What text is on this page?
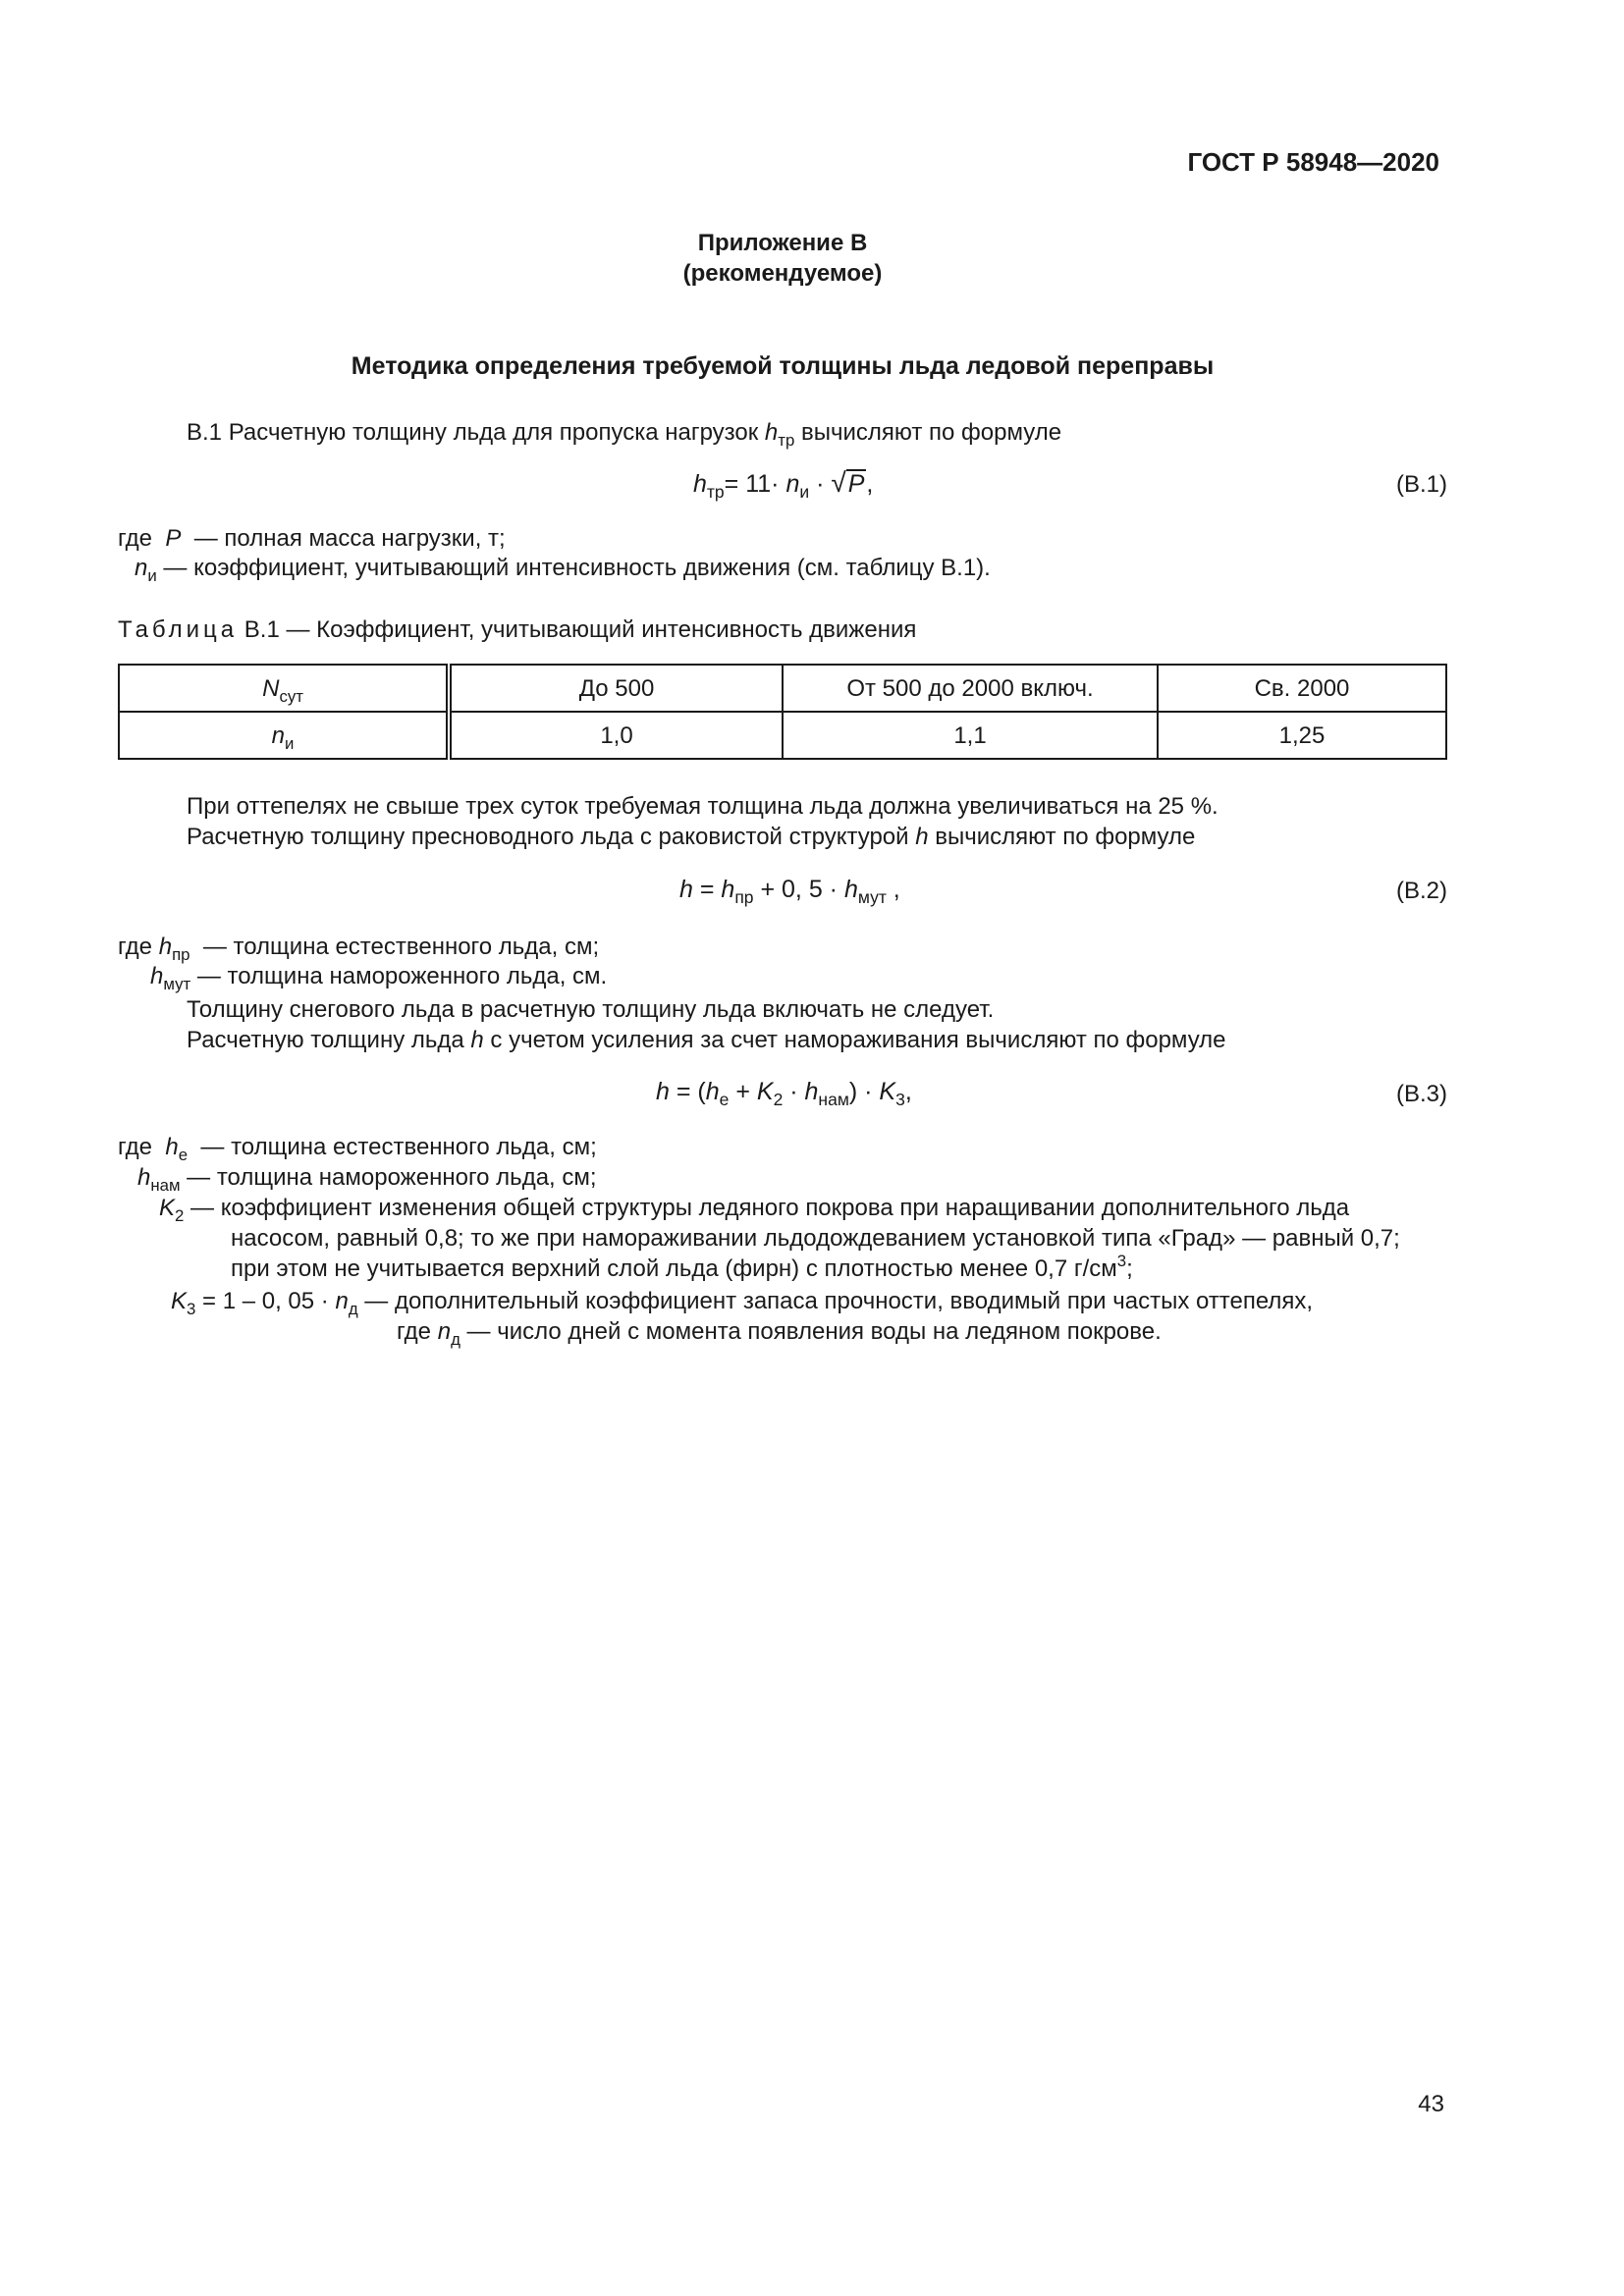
ГОСТ Р 58948—2020
Приложение В
(рекомендуемое)
Методика определения требуемой толщины льда ледовой переправы
В.1 Расчетную толщину льда для пропуска нагрузок $h_{тр}$ вычисляют по формуле
$h_{тр}= 11\cdot n_и \cdot √P$,	(В.1)
где  P  — полная масса нагрузки, т;
$n_и$ — коэффициент, учитывающий интенсивность движения (см. таблицу В.1).
Таблица В.1 — Коэффициент, учитывающий интенсивность движения
$N_{сут}$	До 500	От 500 до 2000 включ.	Св. 2000
$n_и$	1,0	1,1	1,25
При оттепелях не свыше трех суток требуемая толщина льда должна увеличиваться на 25 %.
Расчетную толщину пресноводного льда с раковистой структурой h вычисляют по формуле
$h = h_{пр} + 0$, $5 \cdot h_{мут}$ ,	(В.2)
где $h_{пр}$  — толщина естественного льда, см;
$h_{мут}$ — толщина намороженного льда, см.
Толщину снегового льда в расчетную толщину льда включать не следует.
Расчетную толщину льда h с учетом усиления за счет намораживания вычисляют по формуле
$h = (h_e + K_2 \cdot h_{нам}) \cdot K_3$,	(В.3)
где  $h_e$  — толщина естественного льда, см;
$h_{нам}$ — толщина намороженного льда, см;
$K_2$ — коэффициент изменения общей структуры ледяного покрова при наращивании дополнительного льда
насосом, равный 0,8; то же при намораживании льдодождеванием установкой типа «Град» — равный 0,7;
при этом не учитывается верхний слой льда (фирн) с плотностью менее 0,7 $г/см^3$;
$K_3 = 1 - 0$, $05 \cdot n_д$ — дополнительный коэффициент запаса прочности, вводимый при частых оттепелях,
где $n_д$ — число дней с момента появления воды на ледяном покрове.
43
